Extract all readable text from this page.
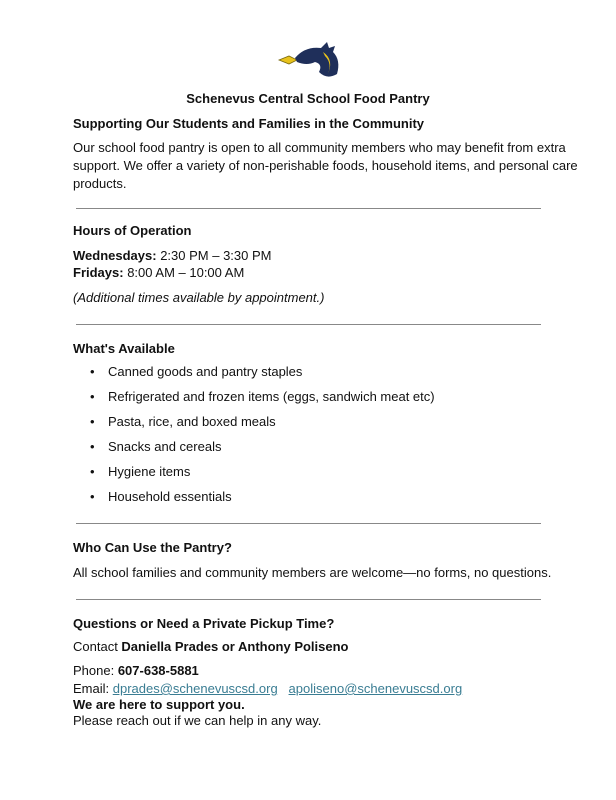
Schenevus Central School Food Pantry
Supporting Our Students and Families in the Community
Our school food pantry is open to all community members who may benefit from extra
support. We offer a variety of non-perishable foods, household items, and personal care
products.
Hours of Operation
Wednesdays: 2:30 PM – 3:30 PM
Fridays: 8:00 AM – 10:00 AM
(Additional times available by appointment.)
What's Available
• Canned goods and pantry staples
• Refrigerated and frozen items (eggs, sandwich meat etc)
• Pasta, rice, and boxed meals
• Snacks and cereals
• Hygiene items
• Household essentials
Who Can Use the Pantry?
All school families and community members are welcome—no forms, no questions.
Questions or Need a Private Pickup Time?
Contact Daniella Prades or Anthony Poliseno
Phone: 607-638-5881
Email: dprades@schenevuscsd.org apoliseno@schenevuscsd.org
We are here to support you.
Please reach out if we can help in any way.
